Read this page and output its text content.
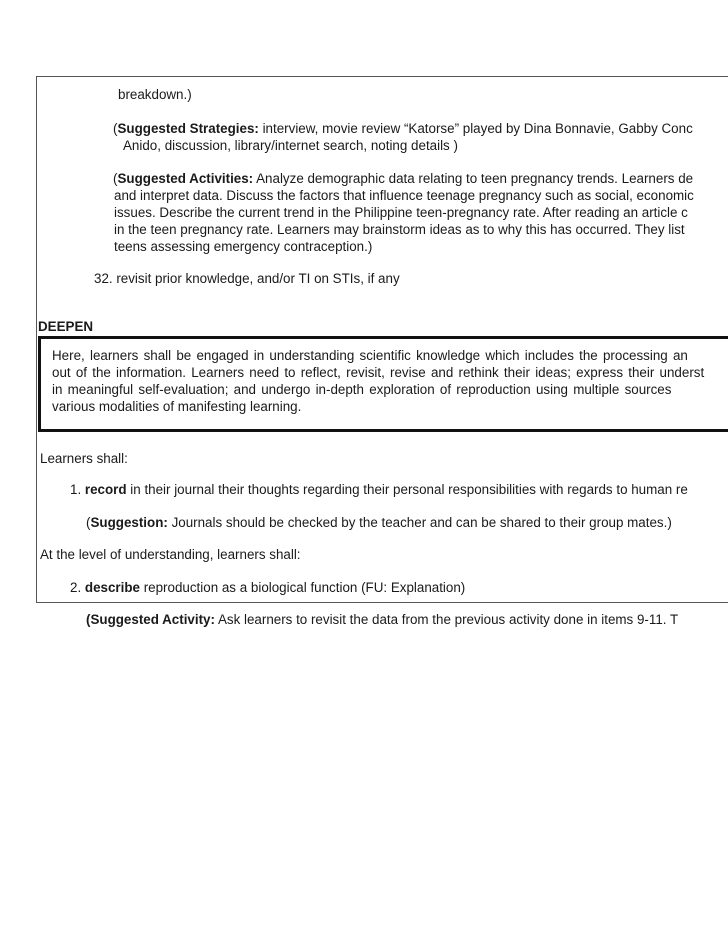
breakdown.)
(Suggested Strategies: interview, movie review “Katorse” played by Dina Bonnavie, Gabby Conc
Anido, discussion, library/internet search, noting details )
(Suggested Activities: Analyze demographic data relating to teen pregnancy trends. Learners de
and interpret data. Discuss the factors that influence teenage pregnancy such as social, economic
issues. Describe the current trend in the Philippine teen-pregnancy rate. After reading an article c
in the teen pregnancy rate. Learners may brainstorm ideas as to why this has occurred. They list
teens assessing emergency contraception.)
32. revisit prior knowledge, and/or TI on STIs, if any
DEEPEN
Here, learners shall be engaged in understanding scientific knowledge which includes the processing an
out of the information. Learners need to reflect, revisit, revise and rethink their ideas; express their underst
in meaningful self-evaluation; and undergo in-depth exploration of reproduction using multiple sources
various modalities of manifesting learning.
Learners shall:
1. record in their journal their thoughts regarding their personal responsibilities with regards to human re
(Suggestion: Journals should be checked by the teacher and can be shared to their group mates.)
At the level of understanding, learners shall:
2. describe reproduction as a biological function (FU: Explanation)
(Suggested Activity: Ask learners to revisit the data from the previous activity done in items 9-11. T
